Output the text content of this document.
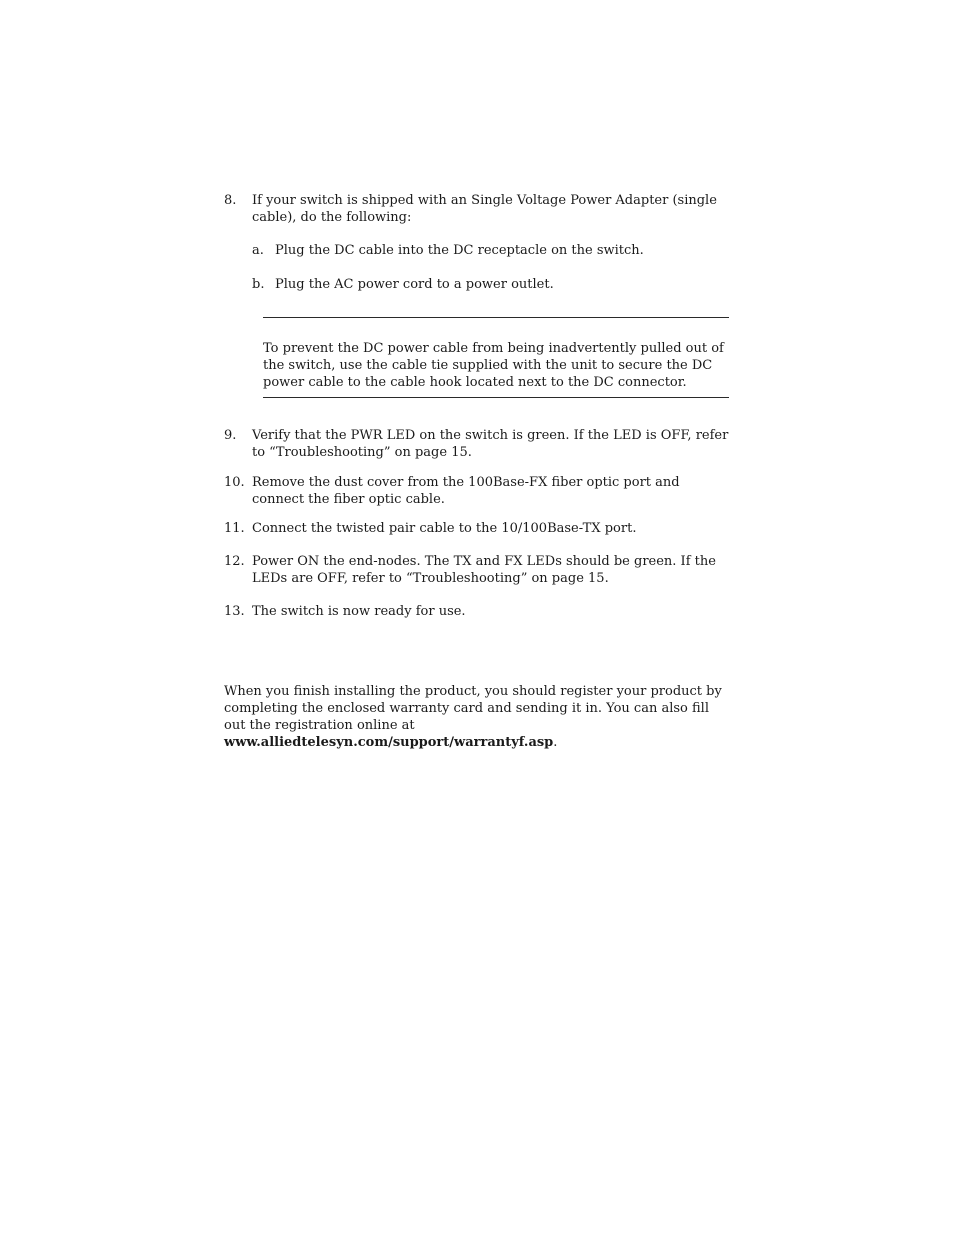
8. If your switch is shipped with an Single Voltage Power Adapter (single cable), do the following:
a. Plug the DC cable into the DC receptacle on the switch.
b. Plug the AC power cord to a power outlet.
To prevent the DC power cable from being inadvertently pulled out of the switch, use the cable tie supplied with the unit to secure the DC power cable to the cable hook located next to the DC connector.
9. Verify that the PWR LED on the switch is green. If the LED is OFF, refer to “Troubleshooting” on page 15.
10. Remove the dust cover from the 100Base-FX fiber optic port and connect the fiber optic cable.
11. Connect the twisted pair cable to the 10/100Base-TX port.
12. Power ON the end-nodes. The TX and FX LEDs should be green. If the LEDs are OFF, refer to “Troubleshooting” on page 15.
13. The switch is now ready for use.
When you finish installing the product, you should register your product by completing the enclosed warranty card and sending it in. You can also fill out the registration online at www.alliedtelesyn.com/support/warrantyf.asp.
